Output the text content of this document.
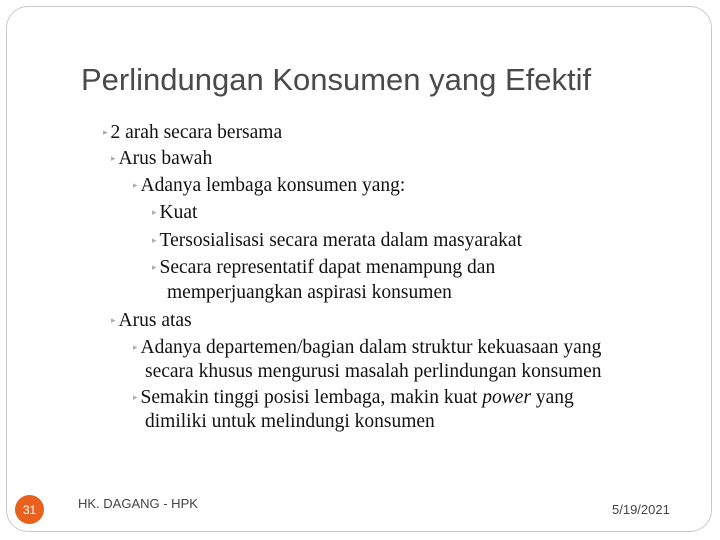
Perlindungan Konsumen yang Efektif
▸ 2 arah secara bersama
▸ Arus bawah
▸ Adanya lembaga konsumen yang:
▸ Kuat
▸ Tersosialisasi secara merata dalam masyarakat
▸ Secara representatif dapat menampung dan
memperjuangkan aspirasi konsumen
▸ Arus atas
▸ Adanya departemen/bagian dalam struktur kekuasaan yang
secara khusus mengurusi masalah perlindungan konsumen
▸ Semakin tinggi posisi lembaga, makin kuat power yang
dimiliki untuk melindungi konsumen
31	HK. DAGANG - HPK	5/19/2021
